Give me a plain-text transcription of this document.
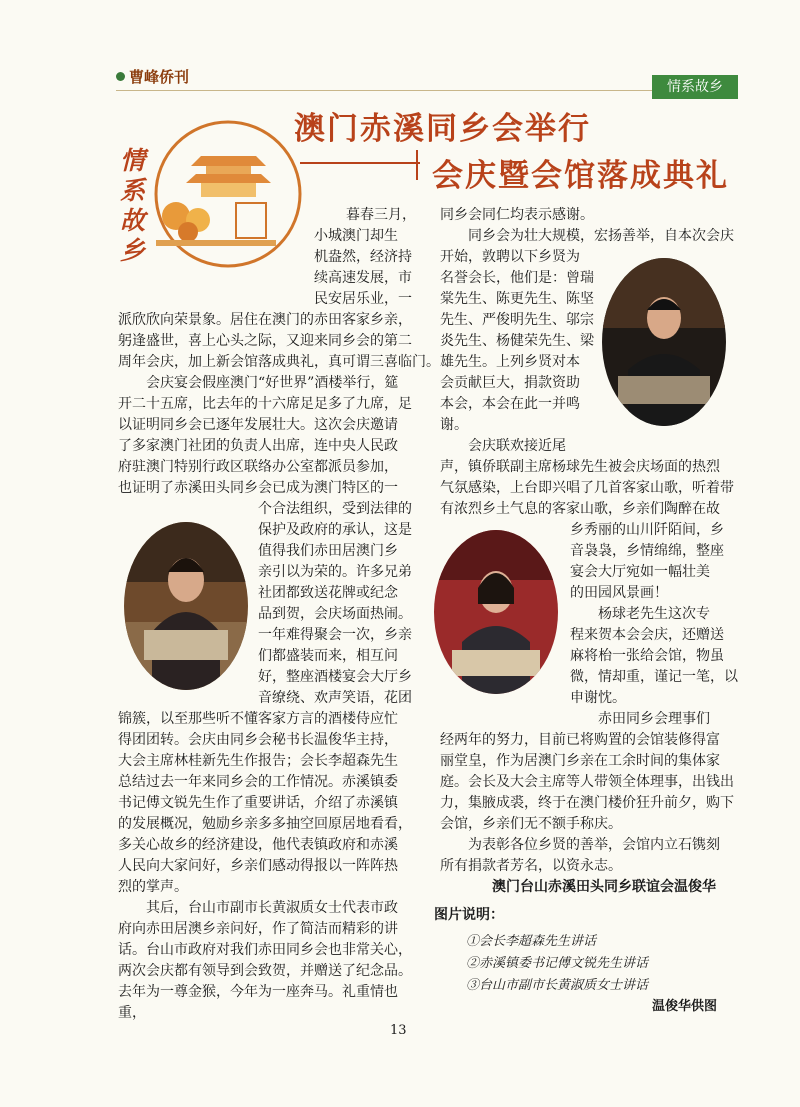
曹峰侨刊
情系故乡
情系故乡
澳门赤溪同乡会举行
会庆暨会馆落成典礼

暮春三月，

小城澳门却生

机盎然，经济持

续高速发展，市

民安居乐业，一

派欣欣向荣景象。居住在澳门的赤田客家乡亲，

躬逢盛世，喜上心头之际，又迎来同乡会的第二

周年会庆，加上新会馆落成典礼，真可谓三喜临门。

会庆宴会假座澳门“好世界”酒楼举行，筵

开二十五席，比去年的十六席足足多了九席，足

以证明同乡会已逐年发展壮大。这次会庆邀请

了多家澳门社团的负责人出席，连中央人民政

府驻澳门特别行政区联络办公室都派员参加，

也证明了赤溪田头同乡会已成为澳门特区的一

个合法组织，受到法律的

保护及政府的承认，这是

值得我们赤田居澳门乡

亲引以为荣的。许多兄弟

社团都致送花牌或纪念

品到贺，会庆场面热闹。

一年难得聚会一次，乡亲

们都盛装而来，相互问

好，整座酒楼宴会大厅乡

音缭绕、欢声笑语，花团

锦簇，以至那些听不懂客家方言的酒楼侍应忙

得团团转。会庆由同乡会秘书长温俊华主持，

大会主席林桂新先生作报告；会长李超森先生

总结过去一年来同乡会的工作情况。赤溪镇委

书记傅文锐先生作了重要讲话，介绍了赤溪镇

的发展概况，勉励乡亲多多抽空回原居地看看，

多关心故乡的经济建设，他代表镇政府和赤溪

人民向大家问好，乡亲们感动得报以一阵阵热

烈的掌声。

其后，台山市副市长黄淑质女士代表市政

府向赤田居澳乡亲问好，作了简洁而精彩的讲

话。台山市政府对我们赤田同乡会也非常关心，

两次会庆都有领导到会致贺，并赠送了纪念品。

去年为一尊金猴，今年为一座奔马。礼重情也重，

同乡会同仁均表示感谢。

同乡会为壮大规模，宏扬善举，自本次会庆

开始，敦聘以下乡贤为

名誉会长，他们是：曾瑞

棠先生、陈更先生、陈坚

先生、严俊明先生、邬宗

炎先生、杨健荣先生、梁

雄先生。上列乡贤对本

会贡献巨大，捐款资助

本会，本会在此一并鸣

谢。

会庆联欢接近尾

声，镇侨联副主席杨球先生被会庆场面的热烈

气氛感染，上台即兴唱了几首客家山歌，听着带

有浓烈乡土气息的客家山歌，乡亲们陶醉在故

乡秀丽的山川阡陌间，乡

音袅袅，乡情绵绵，整座

宴会大厅宛如一幅壮美

的田园风景画！

杨球老先生这次专

程来贺本会会庆，还赠送

麻将枱一张给会馆，物虽

微，情却重，谨记一笔，以

申谢忱。

赤田同乡会理事们

经两年的努力，目前已将购置的会馆装修得富

丽堂皇，作为居澳门乡亲在工余时间的集体家

庭。会长及大会主席等人带领全体理事，出钱出

力，集腋成裘，终于在澳门楼价狂升前夕，购下

会馆，乡亲们无不额手称庆。

为表彰各位乡贤的善举，会馆内立石镌刻

所有捐款者芳名，以资永志。

澳门台山赤溪田头同乡联谊会温俊华
图片说明：
①会长李超森先生讲话
②赤溪镇委书记傅文锐先生讲话
③台山市副市长黄淑质女士讲话
温俊华供图
13
